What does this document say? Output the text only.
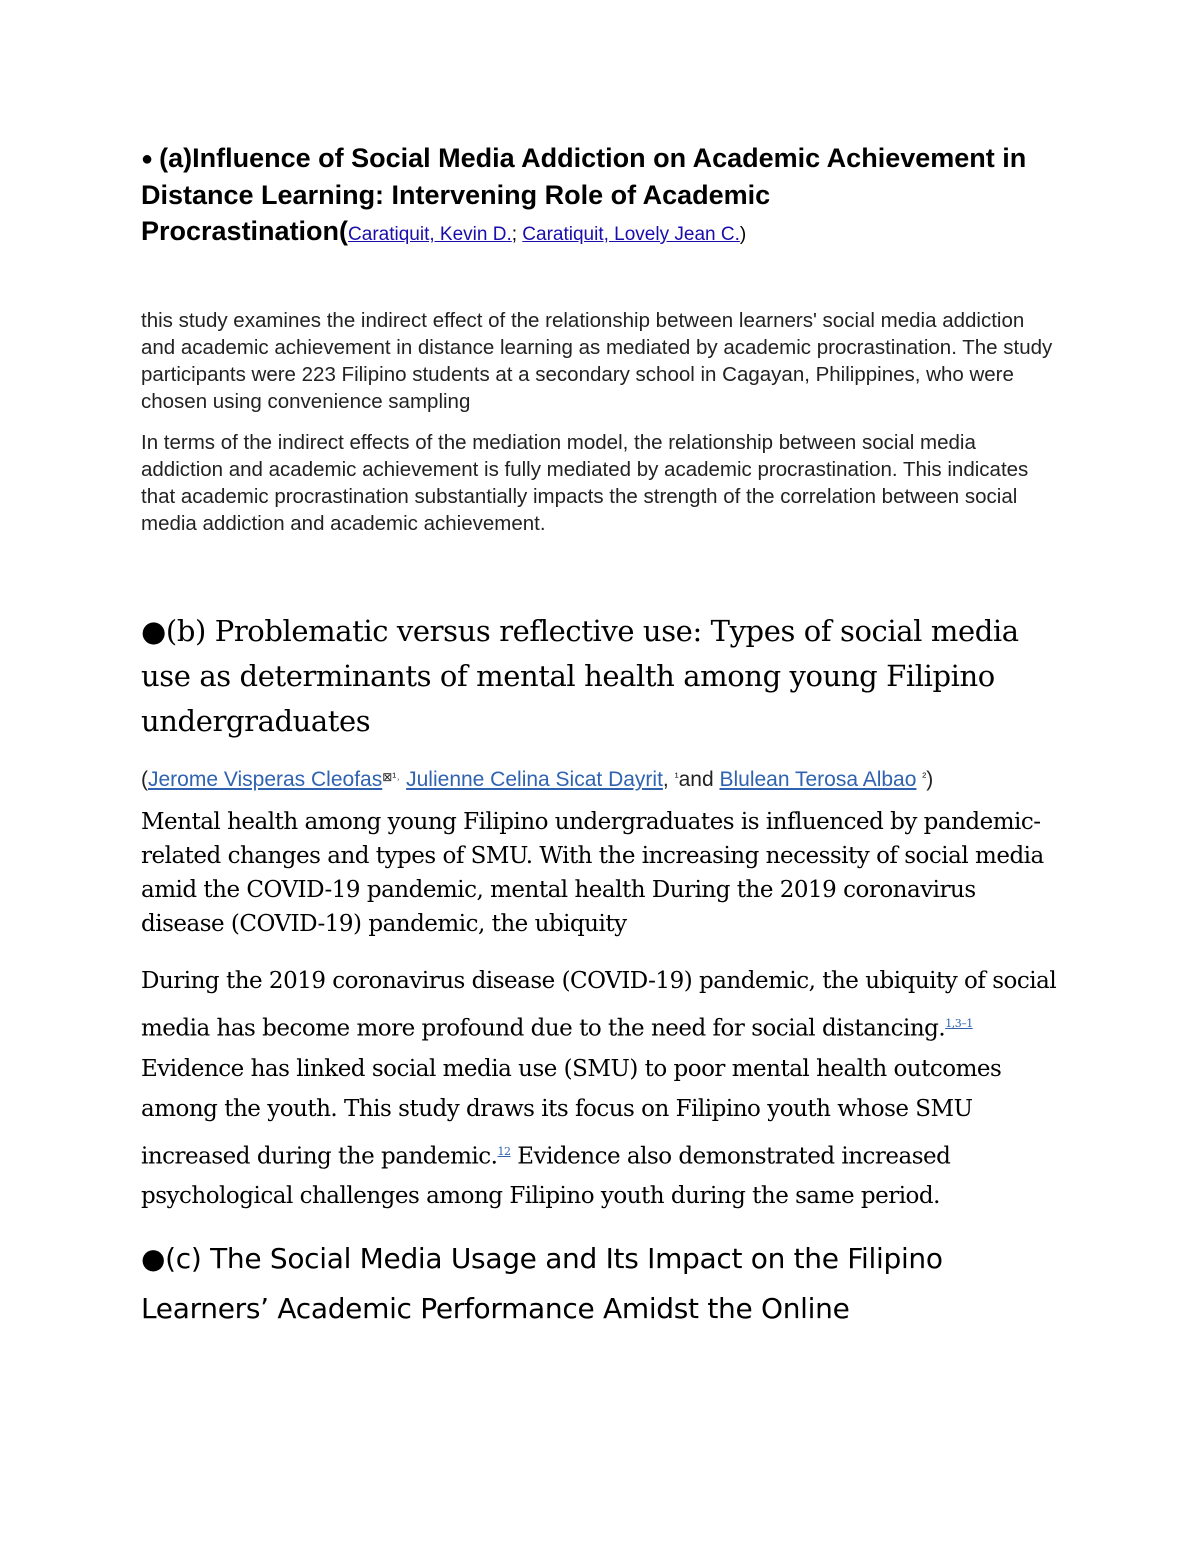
● (a)Influence of Social Media Addiction on Academic Achievement in Distance Learning: Intervening Role of Academic Procrastination(Caratiquit, Kevin D.; Caratiquit, Lovely Jean C.)

this study examines the indirect effect of the relationship between learners' social media addiction and academic achievement in distance learning as mediated by academic procrastination. The study participants were 223 Filipino students at a secondary school in Cagayan, Philippines, who were chosen using convenience sampling

In terms of the indirect effects of the mediation model, the relationship between social media addiction and academic achievement is fully mediated by academic procrastination. This indicates that academic procrastination substantially impacts the strength of the correlation between social media addiction and academic achievement.

●(b) Problematic versus reflective use: Types of social media use as determinants of mental health among young Filipino undergraduates

(Jerome Visperas Cleofas$^{⊠^1˒}$ Julienne Celina Sicat Dayrit, $^{^1}$and Blulean Terosa Albao $^{^2}$)

Mental health among young Filipino undergraduates is influenced by pandemic-related changes and types of SMU. With the increasing necessity of social media amid the COVID-19 pandemic, mental health During the 2019 coronavirus disease (COVID-19) pandemic, the ubiquity

During the 2019 coronavirus disease (COVID-19) pandemic, the ubiquity of social media has become more profound due to the need for social distancing.$^{1,3-1}$ Evidence has linked social media use (SMU) to poor mental health outcomes among the youth. This study draws its focus on Filipino youth whose SMU increased during the pandemic.$^{12}$ Evidence also demonstrated increased psychological challenges among Filipino youth during the same period.

●(c) The Social Media Usage and Its Impact on the Filipino Learners’ Academic Performance Amidst the Online
